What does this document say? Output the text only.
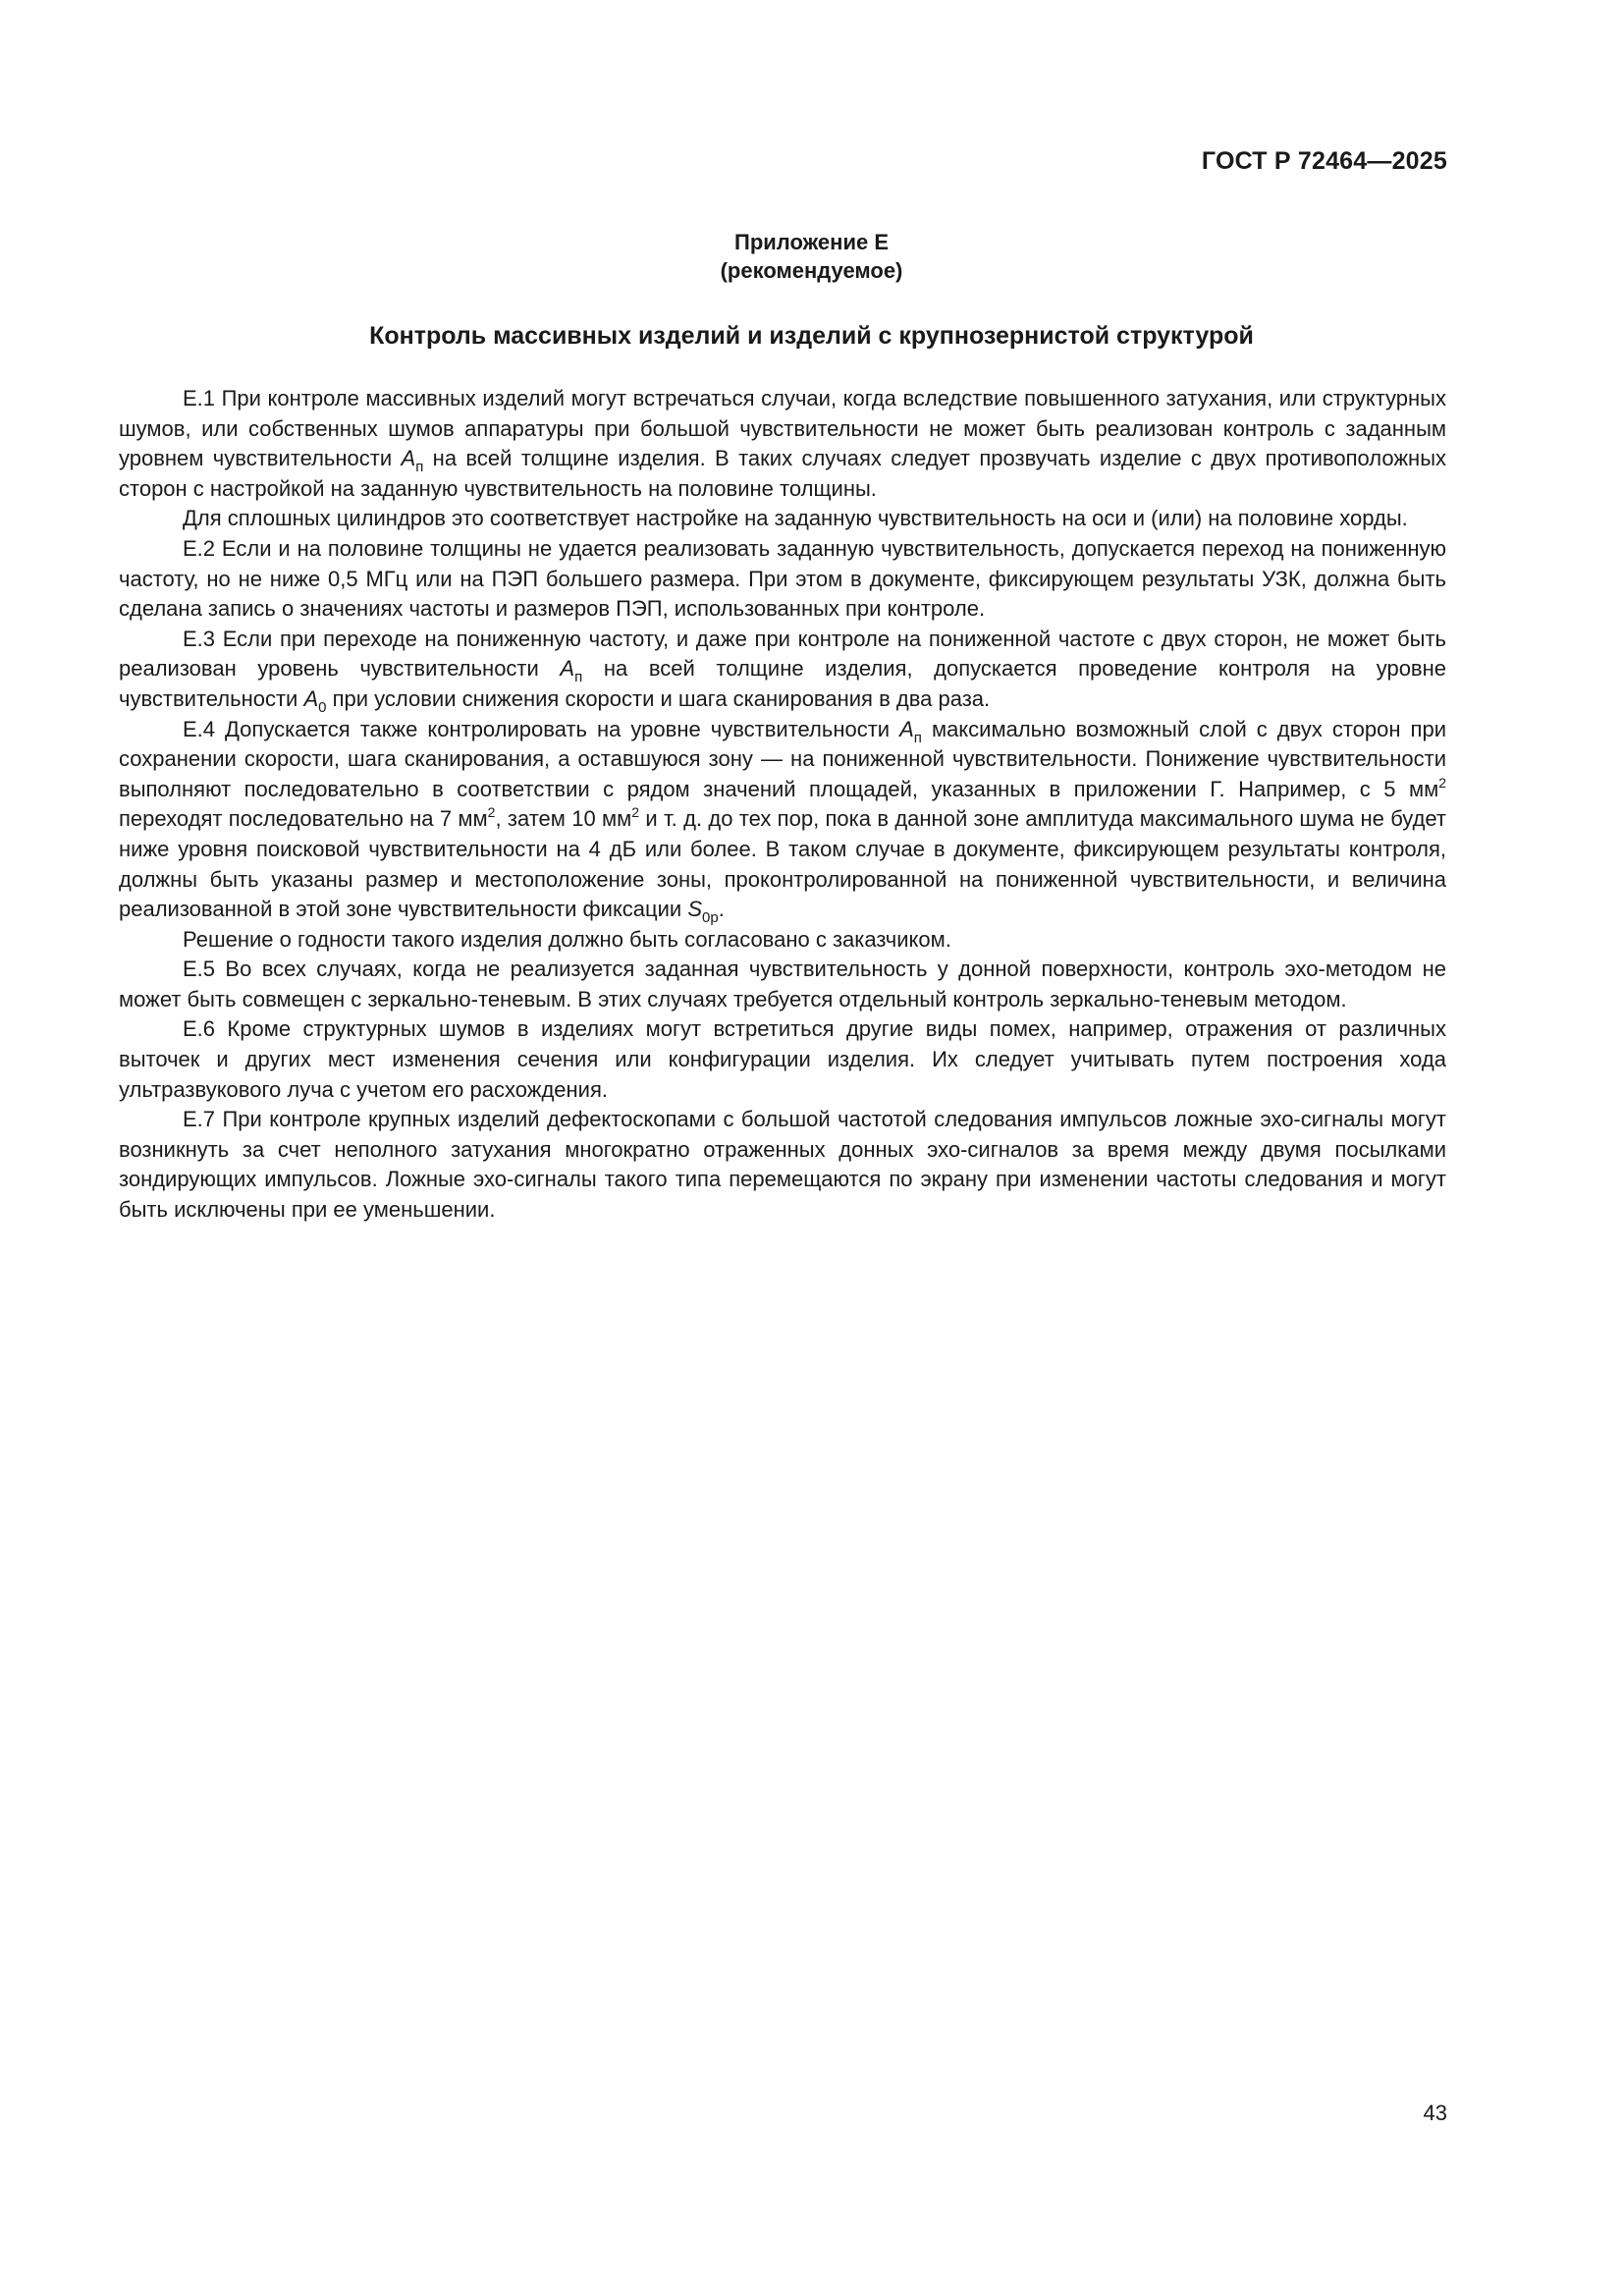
ГОСТ Р 72464—2025
Приложение Е
(рекомендуемое)
Контроль массивных изделий и изделий с крупнозернистой структурой

Е.1 При контроле массивных изделий могут встречаться случаи, когда вследствие повышенного затухания, или структурных шумов, или собственных шумов аппаратуры при большой чувствительности не может быть реализован контроль с заданным уровнем чувствительности $A_п$ на всей толщине изделия. В таких случаях следует прозвучать изделие с двух противоположных сторон с настройкой на заданную чувствительность на половине толщины.

Для сплошных цилиндров это соответствует настройке на заданную чувствительность на оси и (или) на половине хорды.

Е.2 Если и на половине толщины не удается реализовать заданную чувствительность, допускается переход на пониженную частоту, но не ниже 0,5 МГц или на ПЭП большего размера. При этом в документе, фиксирующем результаты УЗК, должна быть сделана запись о значениях частоты и размеров ПЭП, использованных при контроле.

Е.3 Если при переходе на пониженную частоту, и даже при контроле на пониженной частоте с двух сторон, не может быть реализован уровень чувствительности $A_п$ на всей толщине изделия, допускается проведение контроля на уровне чувствительности $A_0$ при условии снижения скорости и шага сканирования в два раза.

Е.4 Допускается также контролировать на уровне чувствительности $A_п$ максимально возможный слой с двух сторон при сохранении скорости, шага сканирования, а оставшуюся зону — на пониженной чувствительности. Понижение чувствительности выполняют последовательно в соответствии с рядом значений площадей, указанных в приложении Г. Например, с 5 $мм^2$ переходят последовательно на 7 $мм^2$, затем 10 $мм^2$ и т. д. до тех пор, пока в данной зоне амплитуда максимального шума не будет ниже уровня поисковой чувствительности на 4 дБ или более. В таком случае в документе, фиксирующем результаты контроля, должны быть указаны размер и местоположение зоны, проконтролированной на пониженной чувствительности, и величина реализованной в этой зоне чувствительности фиксации $S_{0р}$.

Решение о годности такого изделия должно быть согласовано с заказчиком.

Е.5 Во всех случаях, когда не реализуется заданная чувствительность у донной поверхности, контроль эхо-методом не может быть совмещен с зеркально-теневым. В этих случаях требуется отдельный контроль зеркально-теневым методом.

Е.6 Кроме структурных шумов в изделиях могут встретиться другие виды помех, например, отражения от различных выточек и других мест изменения сечения или конфигурации изделия. Их следует учитывать путем построения хода ультразвукового луча с учетом его расхождения.

Е.7 При контроле крупных изделий дефектоскопами с большой частотой следования импульсов ложные эхо-сигналы могут возникнуть за счет неполного затухания многократно отраженных донных эхо-сигналов за время между двумя посылками зондирующих импульсов. Ложные эхо-сигналы такого типа перемещаются по экрану при изменении частоты следования и могут быть исключены при ее уменьшении.

43
